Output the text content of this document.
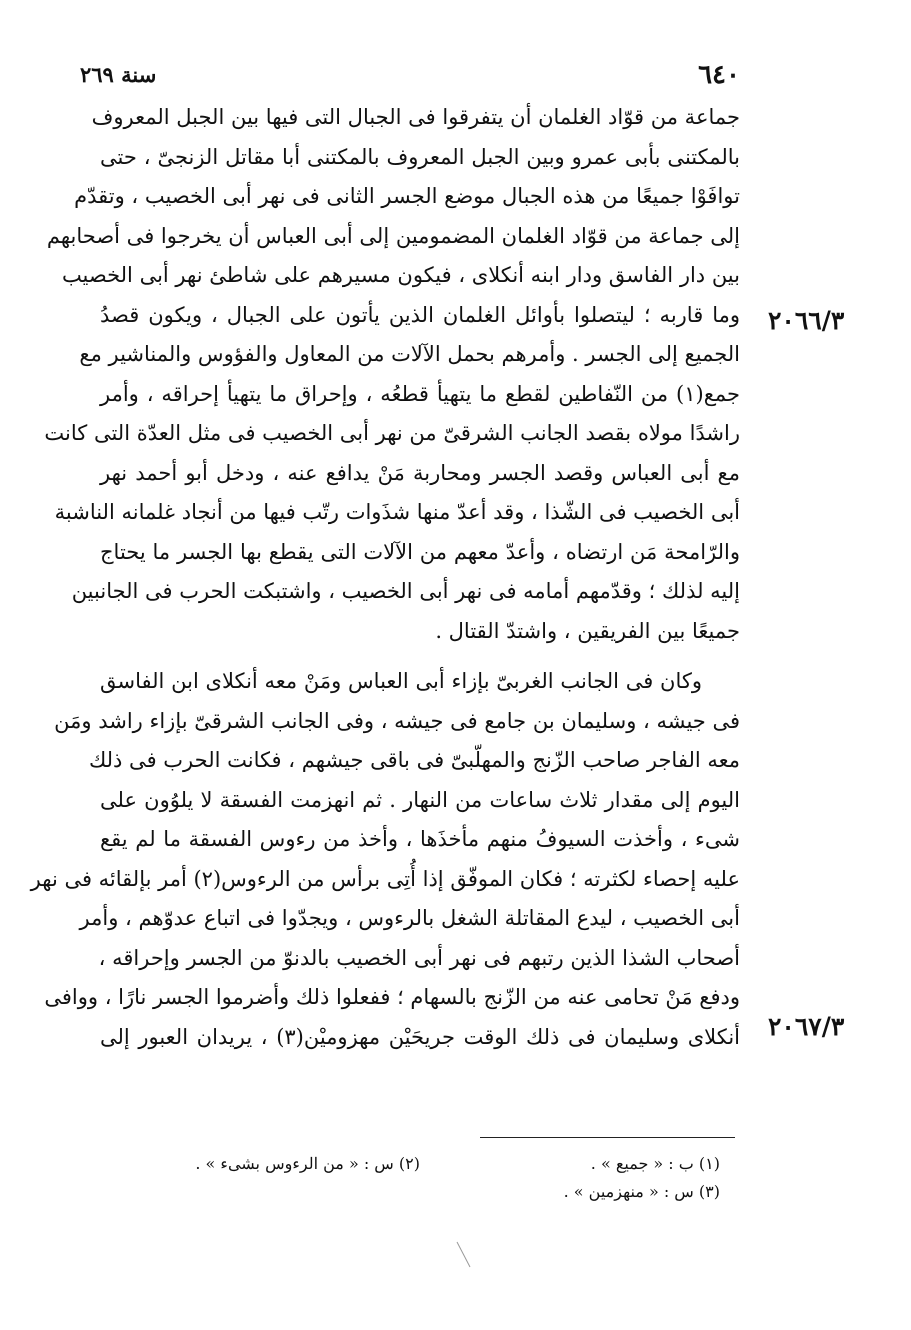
٦٤٠
سنة ٢٦٩
٢٠٦٦/٣
٢٠٦٧/٣
جماعة من قوّاد الغلمان أن يتفرقوا فى الجبال التى فيها بين الجبل المعروف
بالمكتنى بأبى عمرو وبين الجبل المعروف بالمكتنى أبا مقاتل الزنجىّ ، حتى
توافَوْا جميعًا من هذه الجبال موضع الجسر الثانى فى نهر أبى الخصيب ، وتقدّم
إلى جماعة من قوّاد الغلمان المضمومين إلى أبى العباس أن يخرجوا فى أصحابهم
بين دار الفاسق ودار ابنه أنكلاى ، فيكون مسيرهم على شاطئ نهر أبى الخصيب
وما قاربه ؛ ليتصلوا بأوائل الغلمان الذين يأتون على الجبال ، ويكون قصدُ
الجميع إلى الجسر . وأمرهم بحمل الآلات من المعاول والفؤوس والمناشير مع
جمع(١) من النّفاطين لقطع ما يتهيأ قطعُه ، وإحراق ما يتهيأ إحراقه ، وأمر
راشدًا مولاه بقصد الجانب الشرقىّ من نهر أبى الخصيب فى مثل العدّة التى كانت
مع أبى العباس وقصد الجسر ومحاربة مَنْ يدافع عنه ، ودخل أبو أحمد نهر
أبى الخصيب فى الشّذا ، وقد أعدّ منها شذَوات رتّب فيها من أنجاد غلمانه الناشبة
والرّامحة مَن ارتضاه ، وأعدّ معهم من الآلات التى يقطع بها الجسر ما يحتاج
إليه لذلك ؛ وقدّمهم أمامه فى نهر أبى الخصيب ، واشتبكت الحرب فى الجانبين
جميعًا بين الفريقين ، واشتدّ القتال .
وكان فى الجانب الغربىّ بإزاء أبى العباس ومَنْ معه أنكلاى ابن الفاسق
فى جيشه ، وسليمان بن جامع فى جيشه ، وفى الجانب الشرقىّ بإزاء راشد ومَن
معه الفاجر صاحب الزّنج والمهلّبىّ فى باقى جيشهم ، فكانت الحرب فى ذلك
اليوم إلى مقدار ثلاث ساعات من النهار . ثم انهزمت الفسقة لا يلوُون على
شىء ، وأخذت السيوفُ منهم مأخذَها ، وأخذ من رءوس الفسقة ما لم يقع
عليه إحصاء لكثرته ؛ فكان الموفّق إذا أُتِى برأس من الرءوس(٢) أمر بإلقائه فى نهر
أبى الخصيب ، ليدع المقاتلة الشغل بالرءوس ، ويجدّوا فى اتباع عدوّهم ، وأمر
أصحاب الشذا الذين رتبهم فى نهر أبى الخصيب بالدنوّ من الجسر وإحراقه ،
ودفع مَنْ تحامى عنه من الزّنج بالسهام ؛ ففعلوا ذلك وأضرموا الجسر نارًا ، ووافى
أنكلاى وسليمان فى ذلك الوقت جريحَيْن مهزوميْن(٣) ، يريدان العبور إلى
(١) ب : « جميع » .
(٢) س : « من الرءوس بشىء » .
(٣) س : « منهزمين » .
